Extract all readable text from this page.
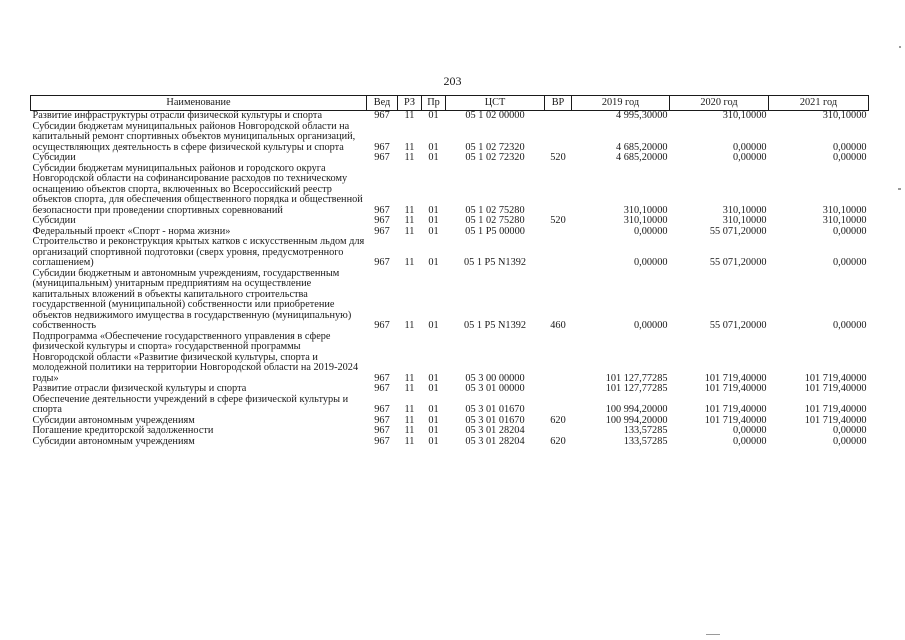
203
Наименование	Вед	РЗ	Пр	ЦСТ	ВР	2019 год	2020 год	2021 год
Развитие инфраструктуры отрасли физической культуры и спорта	967	11	01	05 1 02 00000		4 995,30000	310,10000	310,10000
Субсидии бюджетам муниципальных районов Новгородской области на капитальный ремонт спортивных объектов муниципальных организаций, осуществляющих деятельность в сфере физической культуры и спорта	967	11	01	05 1 02 72320		4 685,20000	0,00000	0,00000
Субсидии	967	11	01	05 1 02 72320	520	4 685,20000	0,00000	0,00000
Субсидии бюджетам муниципальных районов и городского округа Новгородской области на софинансирование расходов по техническому оснащению объектов спорта, включенных во Всероссийский реестр объектов спорта, для обеспечения общественного порядка и общественной безопасности при проведении спортивных соревнований	967	11	01	05 1 02 75280		310,10000	310,10000	310,10000
Субсидии	967	11	01	05 1 02 75280	520	310,10000	310,10000	310,10000
Федеральный проект «Спорт - норма жизни»	967	11	01	05 1 P5 00000		0,00000	55 071,20000	0,00000
Строительство и реконструкция крытых катков с искусственным льдом для организаций спортивной подготовки (сверх уровня, предусмотренного соглашением)	967	11	01	05 1 P5 N1392		0,00000	55 071,20000	0,00000
Субсидии бюджетным и автономным учреждениям, государственным (муниципальным) унитарным предприятиям на осуществление капитальных вложений в объекты капитального строительства государственной (муниципальной) собственности или приобретение объектов недвижимого имущества в государственную (муниципальную) собственность	967	11	01	05 1 P5 N1392	460	0,00000	55 071,20000	0,00000
Подпрограмма «Обеспечение государственного управления в сфере физической культуры и спорта» государственной программы Новгородской области «Развитие физической культуры, спорта и молодежной политики на территории Новгородской области на 2019-2024 годы»	967	11	01	05 3 00 00000		101 127,77285	101 719,40000	101 719,40000
Развитие отрасли физической культуры и спорта	967	11	01	05 3 01 00000		101 127,77285	101 719,40000	101 719,40000
Обеспечение деятельности учреждений в сфере физической культуры и спорта	967	11	01	05 3 01 01670		100 994,20000	101 719,40000	101 719,40000
Субсидии автономным учреждениям	967	11	01	05 3 01 01670	620	100 994,20000	101 719,40000	101 719,40000
Погашение кредиторской задолженности	967	11	01	05 3 01 28204		133,57285	0,00000	0,00000
Субсидии автономным учреждениям	967	11	01	05 3 01 28204	620	133,57285	0,00000	0,00000
